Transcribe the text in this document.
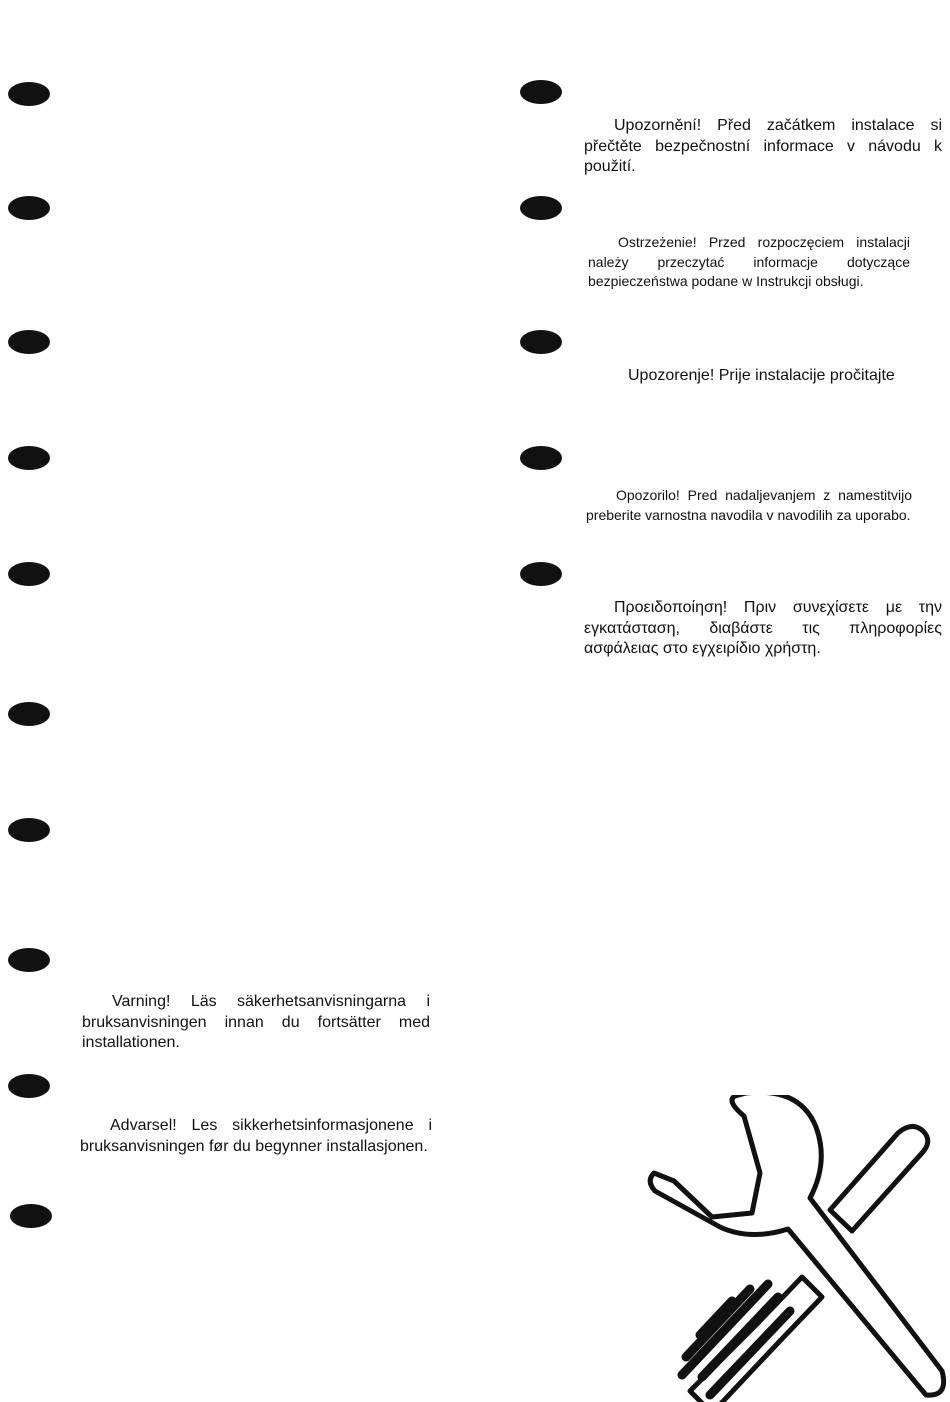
Upozornění! Před začátkem instalace si přečtěte bezpečnostní informace v návodu k použití.

Ostrzeżenie! Przed rozpoczęciem instalacji należy przeczytać informacje dotyczące bezpieczeństwa podane w Instrukcji obsługi.

Upozorenje! Prije instalacije pročitajte

Opozorilo! Pred nadaljevanjem z namestitvijo preberite varnostna navodila v navodilih za uporabo.

Προειδοποίηση! Πριν συνεχίσετε με την εγκατάσταση, διαβάστε τις πληροφορίες ασφάλειας στο εγχειρίδιο χρήστη.

Varning! Läs säkerhetsanvisningarna i bruksanvisningen innan du fortsätter med installationen.

Advarsel! Les sikkerhetsinformasjonene i bruksanvisningen før du begynner installasjonen.
